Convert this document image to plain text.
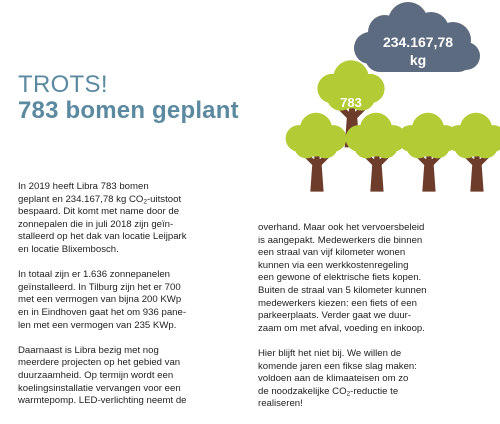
TROTS!
783 bomen geplant
234.167,78
kg
783

In 2019 heeft Libra 783 bomen
geplant en 234.167,78 kg $CO_2$-uitstoot
bespaard. Dit komt met name door de
zonnepalen die in juli 2018 zijn geïn-
stalleerd op het dak van locatie Leijpark
en locatie Blixembosch.

In totaal zijn er 1.636 zonnepanelen
geïnstalleerd. In Tilburg zijn het er 700
met een vermogen van bijna 200 KWp
en in Eindhoven gaat het om 936 pane-
len met een vermogen van 235 KWp.

Daarnaast is Libra bezig met nog
meerdere projecten op het gebied van
duurzaamheid. Op termijn wordt een
koelingsinstallatie vervangen voor een
warmtepomp. LED-verlichting neemt de

overhand. Maar ook het vervoersbeleid
is aangepakt. Medewerkers die binnen
een straal van vijf kilometer wonen
kunnen via een werkkostenregeling
een gewone of elektrische fiets kopen.
Buiten de straal van 5 kilometer kunnen
medewerkers kiezen: een fiets of een
parkeerplaats. Verder gaat we duur-
zaam om met afval, voeding en inkoop.

Hier blijft het niet bij. We willen de
komende jaren een fikse slag maken:
voldoen aan de klimaateisen om zo
de noodzakelijke $CO_2$-reductie te
realiseren!
